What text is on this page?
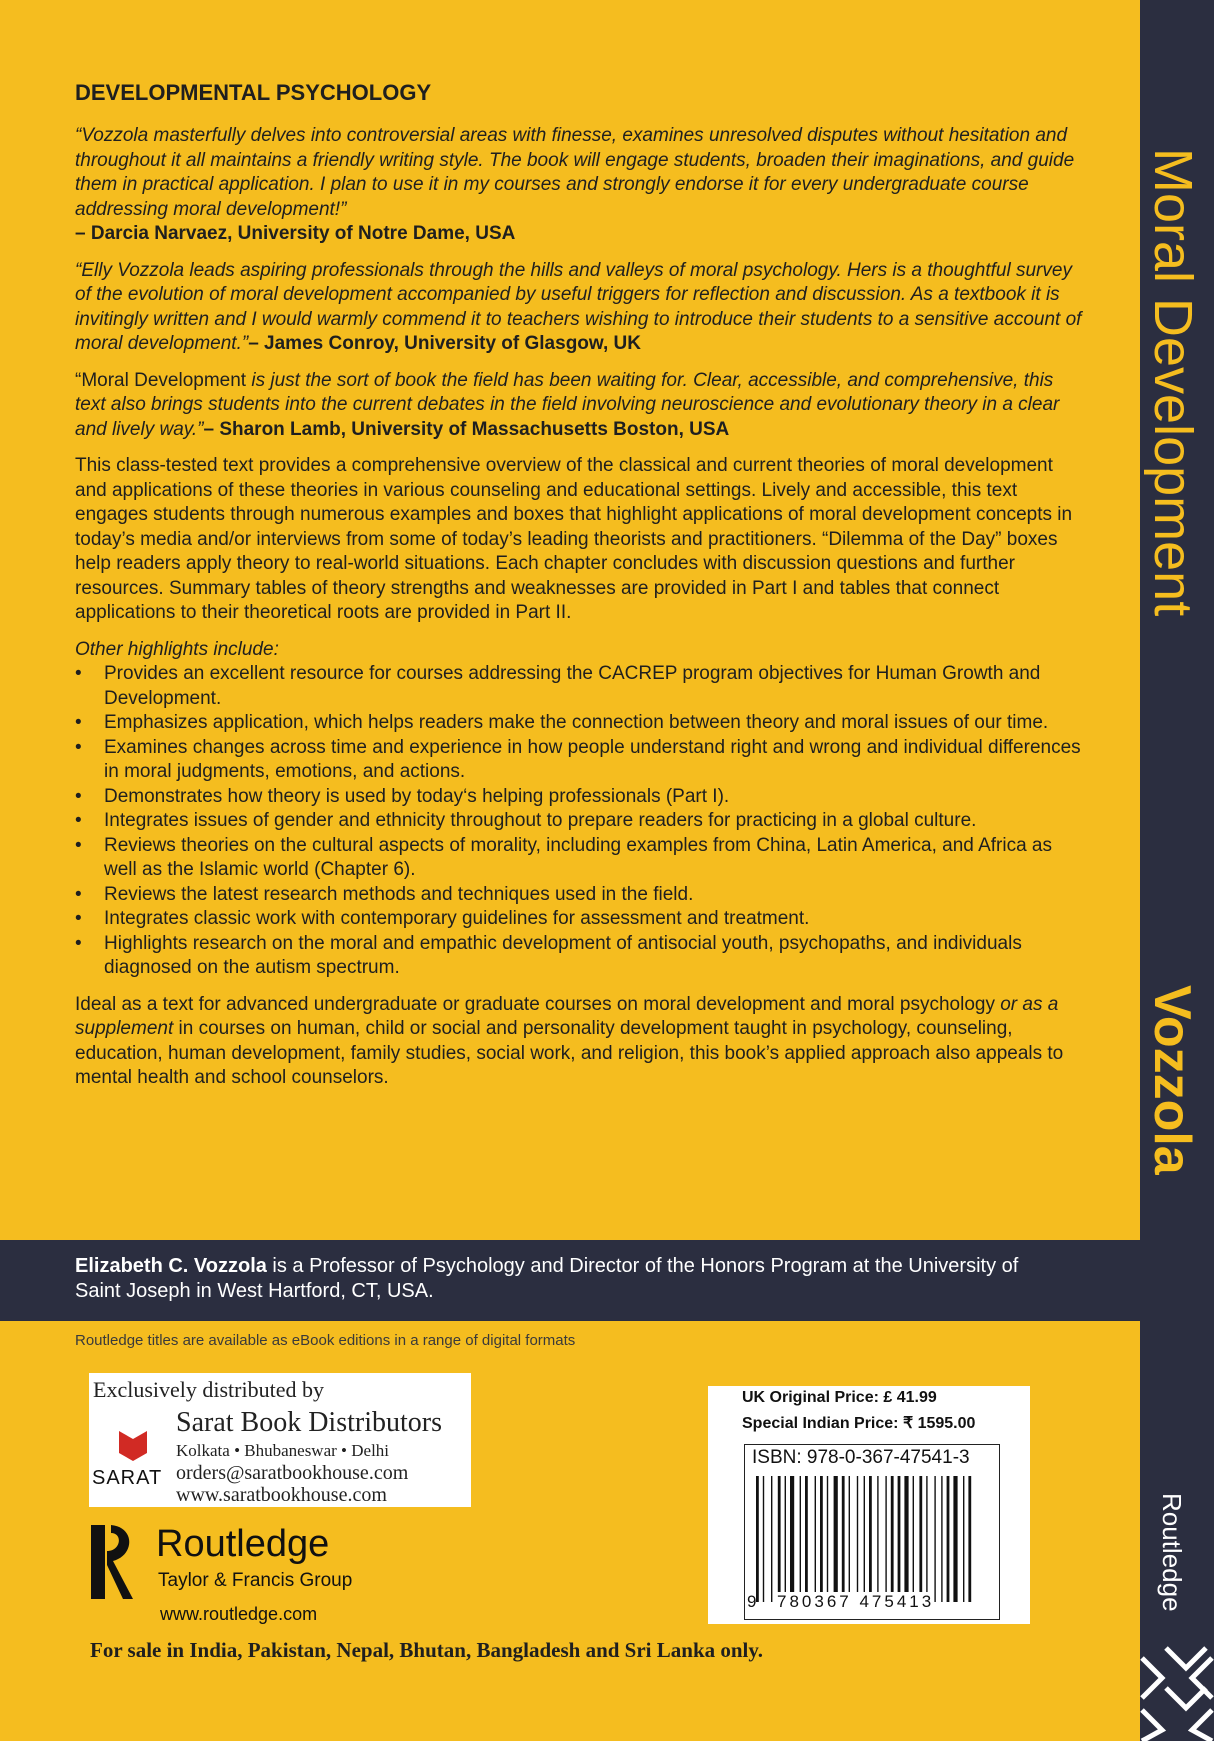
DEVELOPMENTAL PSYCHOLOGY

“Vozzola masterfully delves into controversial areas with finesse, examines unresolved disputes without hesitation and throughout it all maintains a friendly writing style. The book will engage students, broaden their imaginations, and guide them in practical application. I plan to use it in my courses and strongly endorse it for every undergraduate course addressing moral development!”
– Darcia Narvaez, University of Notre Dame, USA

“Elly Vozzola leads aspiring professionals through the hills and valleys of moral psychology. Hers is a thoughtful survey of the evolution of moral development accompanied by useful triggers for reflection and discussion. As a textbook it is invitingly written and I would warmly commend it to teachers wishing to introduce their students to a sensitive account of moral development.”– James Conroy, University of Glasgow, UK

“Moral Development is just the sort of book the field has been waiting for. Clear, accessible, and comprehensive, this text also brings students into the current debates in the field involving neuroscience and evolutionary theory in a clear and lively way.”– Sharon Lamb, University of Massachusetts Boston, USA

This class-tested text provides a comprehensive overview of the classical and current theories of moral development and applications of these theories in various counseling and educational settings. Lively and accessible, this text engages students through numerous examples and boxes that highlight applications of moral development concepts in today’s media and/or interviews from some of today’s leading theorists and practitioners. “Dilemma of the Day” boxes help readers apply theory to real-world situations. Each chapter concludes with discussion questions and further resources. Summary tables of theory strengths and weaknesses are provided in Part I and tables that connect applications to their theoretical roots are provided in Part II.

Other highlights include:

• Provides an excellent resource for courses addressing the CACREP program objectives for Human Growth and Development.
• Emphasizes application, which helps readers make the connection between theory and moral issues of our time.
• Examines changes across time and experience in how people understand right and wrong and individual differences in moral judgments, emotions, and actions.
• Demonstrates how theory is used by today‘s helping professionals (Part I).
• Integrates issues of gender and ethnicity throughout to prepare readers for practicing in a global culture.
• Reviews theories on the cultural aspects of morality, including examples from China, Latin America, and Africa as well as the Islamic world (Chapter 6).
• Reviews the latest research methods and techniques used in the field.
• Integrates classic work with contemporary guidelines for assessment and treatment.
• Highlights research on the moral and empathic development of antisocial youth, psychopaths, and individuals diagnosed on the autism spectrum.

Ideal as a text for advanced undergraduate or graduate courses on moral development and moral psychology or as a supplement in courses on human, child or social and personality development taught in psychology, counseling, education, human development, family studies, social work, and religion, this book’s applied approach also appeals to mental health and school counselors.

Elizabeth C. Vozzola is a Professor of Psychology and Director of the Honors Program at the University of Saint Joseph in West Hartford, CT, USA.
Routledge titles are available as eBook editions in a range of digital formats
Exclusively distributed by
SARAT
Sarat Book Distributors
Kolkata • Bhubaneswar • Delhi
orders@saratbookhouse.com
www.saratbookhouse.com
Routledge
Taylor & Francis Group
www.routledge.com
For sale in India, Pakistan, Nepal, Bhutan, Bangladesh and Sri Lanka only.
UK Original Price: £ 41.99
Special Indian Price: ₹ 1595.00
ISBN: 978-0-367-47541-3
9 780367 475413
Moral Development
Vozzola
Routledge
